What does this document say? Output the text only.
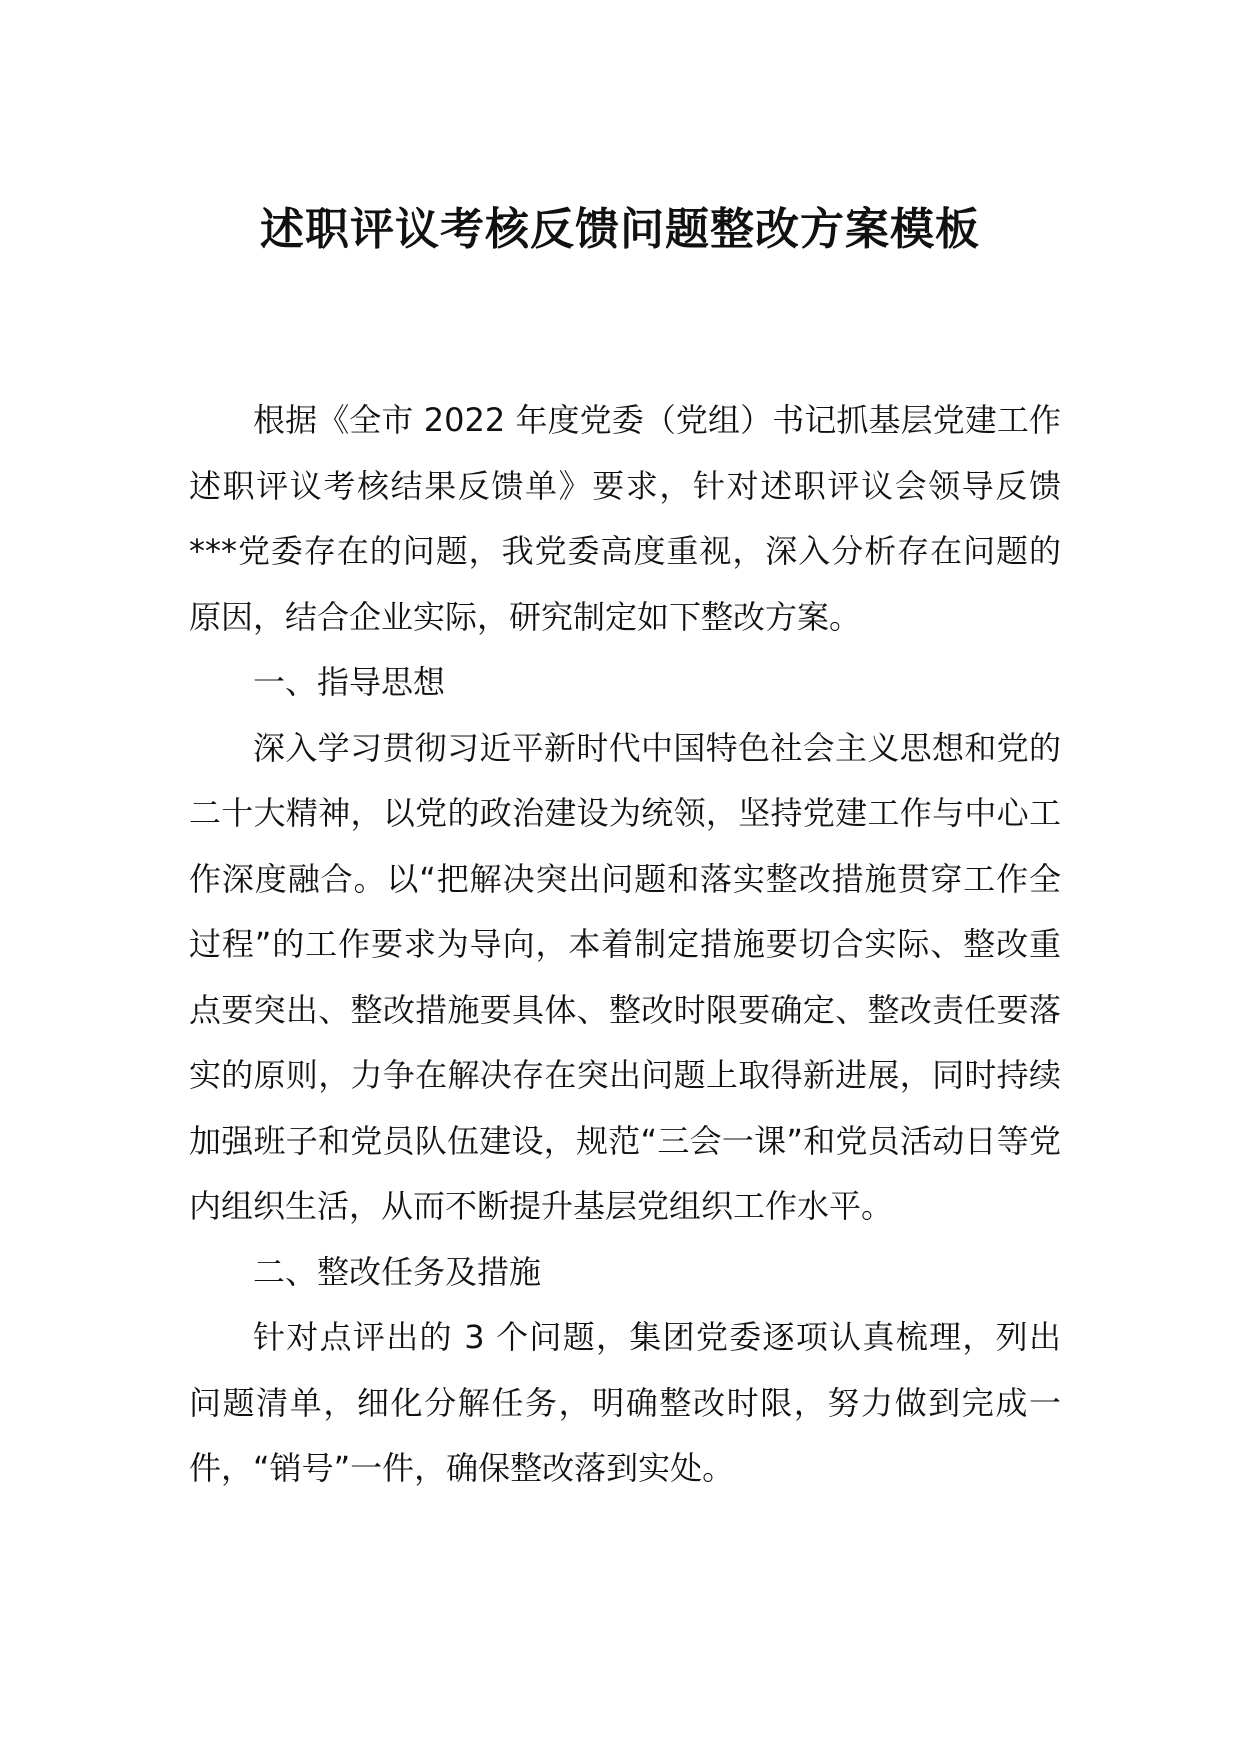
述职评议考核反馈问题整改方案模板

根据《全市 2022 年度党委（党组）书记抓基层党建工作述职评议考核结果反馈单》要求，针对述职评议会领导反馈***党委存在的问题，我党委高度重视，深入分析存在问题的原因，结合企业实际，研究制定如下整改方案。

一、指导思想

深入学习贯彻习近平新时代中国特色社会主义思想和党的二十大精神，以党的政治建设为统领，坚持党建工作与中心工作深度融合。以“把解决突出问题和落实整改措施贯穿工作全过程”的工作要求为导向，本着制定措施要切合实际、整改重点要突出、整改措施要具体、整改时限要确定、整改责任要落实的原则，力争在解决存在突出问题上取得新进展，同时持续加强班子和党员队伍建设，规范“三会一课”和党员活动日等党内组织生活，从而不断提升基层党组织工作水平。

二、整改任务及措施

针对点评出的 3 个问题，集团党委逐项认真梳理，列出问题清单，细化分解任务，明确整改时限，努力做到完成一件，“销号”一件，确保整改落到实处。
